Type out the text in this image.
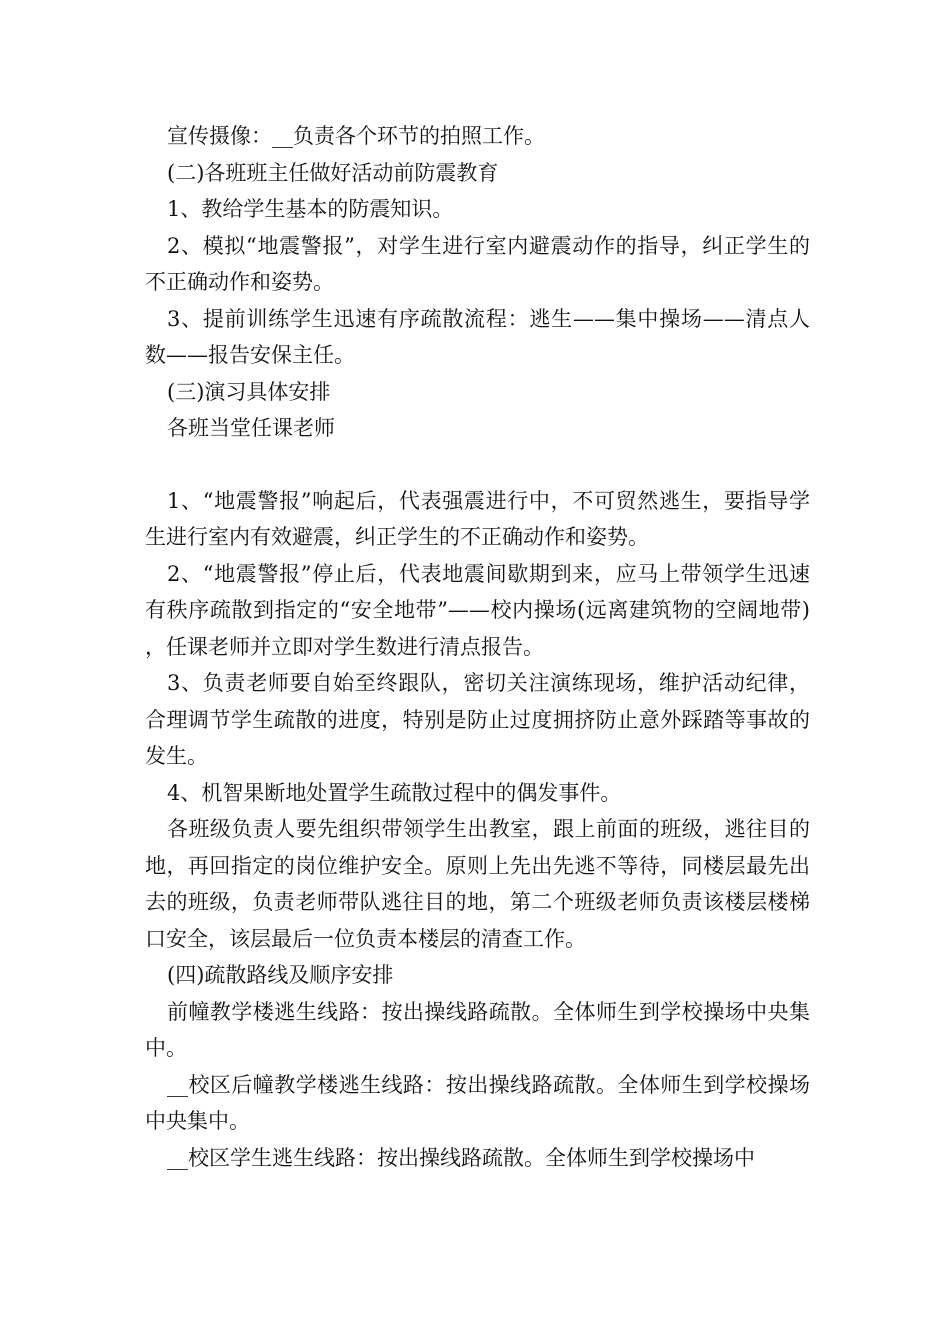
宣传摄像：__负责各个环节的拍照工作。

(二)各班班主任做好活动前防震教育

1、教给学生基本的防震知识。

2、模拟“地震警报”，对学生进行室内避震动作的指导，纠正学生的不正确动作和姿势。

3、提前训练学生迅速有序疏散流程：逃生——集中操场——清点人数——报告安保主任。

(三)演习具体安排

各班当堂任课老师

1、“地震警报”响起后，代表强震进行中，不可贸然逃生，要指导学生进行室内有效避震，纠正学生的不正确动作和姿势。

2、“地震警报”停止后，代表地震间歇期到来，应马上带领学生迅速有秩序疏散到指定的“安全地带”——校内操场(远离建筑物的空阔地带)，任课老师并立即对学生数进行清点报告。

3、负责老师要自始至终跟队，密切关注演练现场，维护活动纪律，合理调节学生疏散的进度，特别是防止过度拥挤防止意外踩踏等事故的发生。

4、机智果断地处置学生疏散过程中的偶发事件。

各班级负责人要先组织带领学生出教室，跟上前面的班级，逃往目的地，再回指定的岗位维护安全。原则上先出先逃不等待，同楼层最先出去的班级，负责老师带队逃往目的地，第二个班级老师负责该楼层楼梯口安全，该层最后一位负责本楼层的清查工作。

(四)疏散路线及顺序安排

前幢教学楼逃生线路：按出操线路疏散。全体师生到学校操场中央集中。

__校区后幢教学楼逃生线路：按出操线路疏散。全体师生到学校操场中央集中。

__校区学生逃生线路：按出操线路疏散。全体师生到学校操场中
